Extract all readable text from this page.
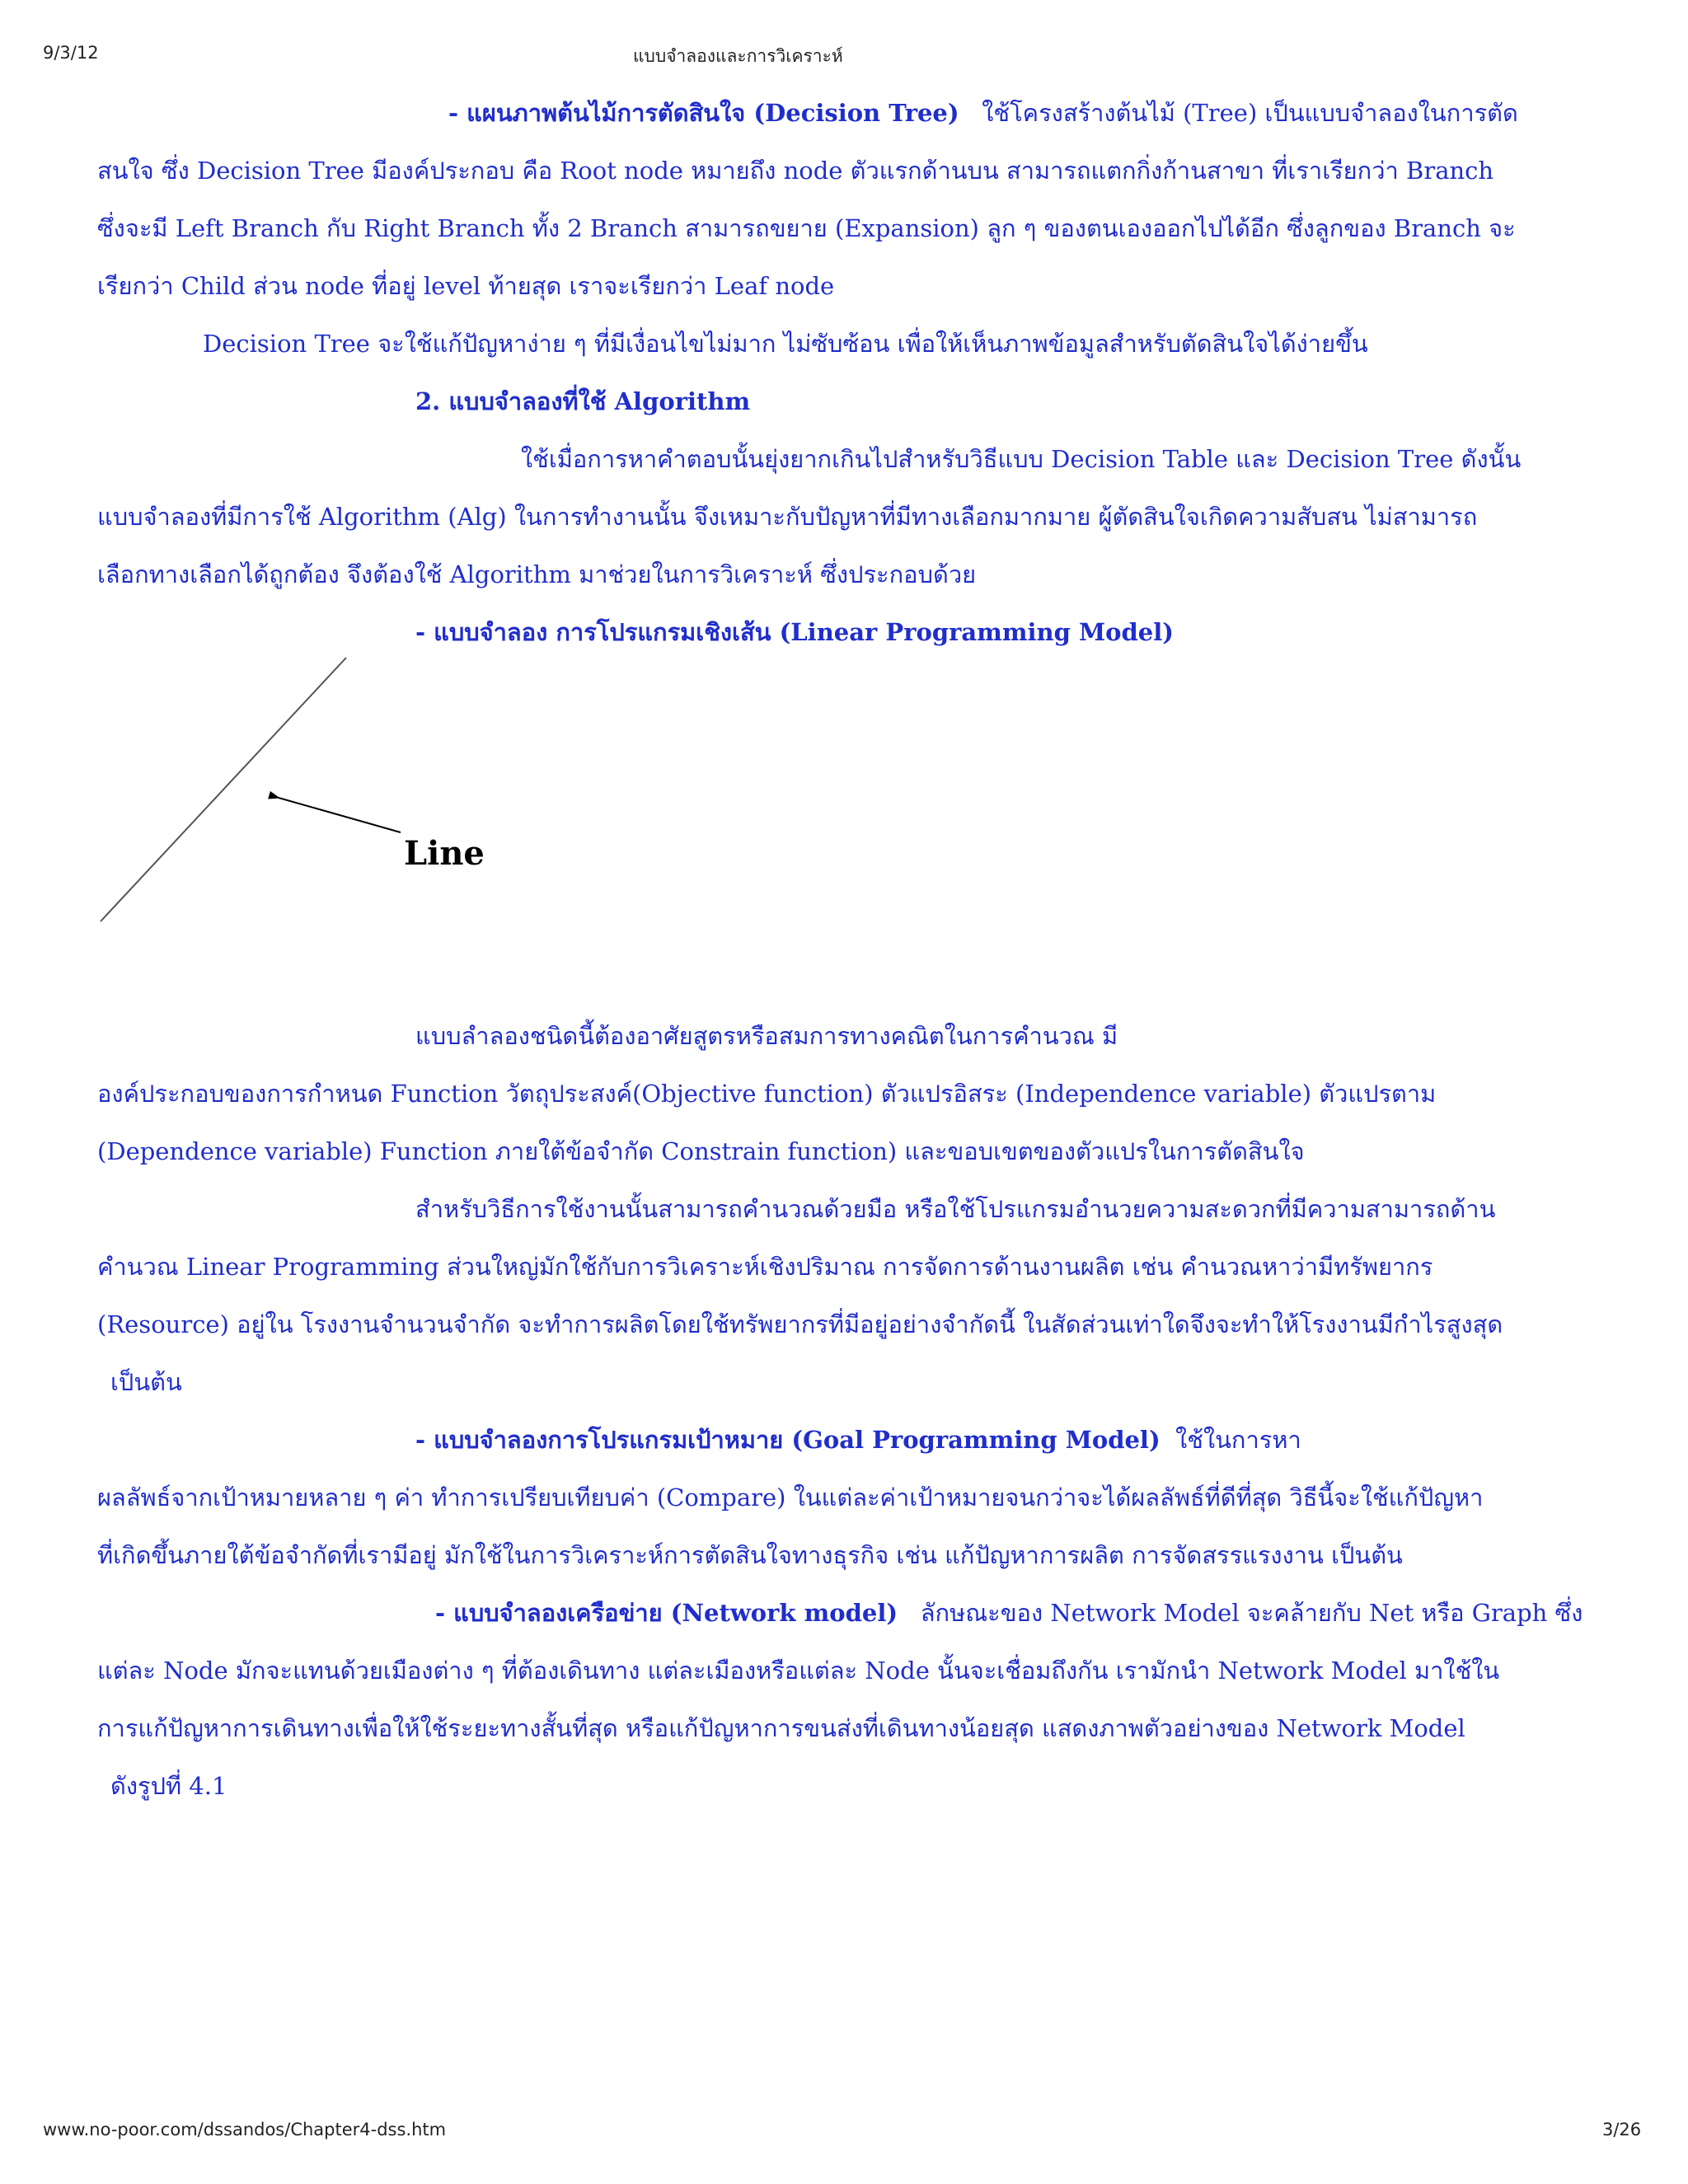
9/3/12	แบบจำลองและการวิเคราะห์
www.no-poor.com/dssandos/Chapter4-dss.htm	3/26
- แผนภาพต้นไม้การตัดสินใจ (Decision Tree) ใช้โครงสร้างต้นไม้ (Tree) เป็นแบบจำลองในการตัด
สนใจ ซึ่ง Decision Tree มีองค์ประกอบ คือ Root node หมายถึง node ตัวแรกด้านบน สามารถแตกกิ่งก้านสาขา ที่เราเรียกว่า Branch
ซึ่งจะมี Left Branch กับ Right Branch ทั้ง 2 Branch สามารถขยาย (Expansion) ลูก ๆ ของตนเองออกไปได้อีก ซึ่งลูกของ Branch จะ
เรียกว่า Child ส่วน node ที่อยู่ level ท้ายสุด เราจะเรียกว่า Leaf node
Decision Tree จะใช้แก้ปัญหาง่าย ๆ ที่มีเงื่อนไขไม่มาก ไม่ซับซ้อน เพื่อให้เห็นภาพข้อมูลสำหรับตัดสินใจได้ง่ายขึ้น
2. แบบจำลองที่ใช้ Algorithm
ใช้เมื่อการหาคำตอบนั้นยุ่งยากเกินไปสำหรับวิธีแบบ Decision Table และ Decision Tree ดังนั้น
แบบจำลองที่มีการใช้ Algorithm (Alg) ในการทำงานนั้น จึงเหมาะกับปัญหาที่มีทางเลือกมากมาย ผู้ตัดสินใจเกิดความสับสน ไม่สามารถ
เลือกทางเลือกได้ถูกต้อง จึงต้องใช้ Algorithm มาช่วยในการวิเคราะห์ ซึ่งประกอบด้วย
- แบบจำลอง การโปรแกรมเชิงเส้น (Linear Programming Model)
Line
แบบลำลองชนิดนี้ต้องอาศัยสูตรหรือสมการทางคณิตในการคำนวณ มี
องค์ประกอบของการกำหนด Function วัตถุประสงค์(Objective function) ตัวแปรอิสระ (Independence variable) ตัวแปรตาม
(Dependence variable) Function ภายใต้ข้อจำกัด Constrain function) และขอบเขตของตัวแปรในการตัดสินใจ
สำหรับวิธีการใช้งานนั้นสามารถคำนวณด้วยมือ หรือใช้โปรแกรมอำนวยความสะดวกที่มีความสามารถด้าน
คำนวณ Linear Programming ส่วนใหญ่มักใช้กับการวิเคราะห์เชิงปริมาณ การจัดการด้านงานผลิต เช่น คำนวณหาว่ามีทรัพยากร
(Resource) อยู่ใน โรงงานจำนวนจำกัด จะทำการผลิตโดยใช้ทรัพยากรที่มีอยู่อย่างจำกัดนี้ ในสัดส่วนเท่าใดจึงจะทำให้โรงงานมีกำไรสูงสุด
เป็นต้น
- แบบจำลองการโปรแกรมเป้าหมาย (Goal Programming Model) ใช้ในการหา
ผลลัพธ์จากเป้าหมายหลาย ๆ ค่า ทำการเปรียบเทียบค่า (Compare) ในแต่ละค่าเป้าหมายจนกว่าจะได้ผลลัพธ์ที่ดีที่สุด วิธีนี้จะใช้แก้ปัญหา
ที่เกิดขึ้นภายใต้ข้อจำกัดที่เรามีอยู่ มักใช้ในการวิเคราะห์การตัดสินใจทางธุรกิจ เช่น แก้ปัญหาการผลิต การจัดสรรแรงงาน เป็นต้น
- แบบจำลองเครือข่าย (Network model) ลักษณะของ Network Model จะคล้ายกับ Net หรือ Graph ซึ่ง
แต่ละ Node มักจะแทนด้วยเมืองต่าง ๆ ที่ต้องเดินทาง แต่ละเมืองหรือแต่ละ Node นั้นจะเชื่อมถึงกัน เรามักนำ Network Model มาใช้ใน
การแก้ปัญหาการเดินทางเพื่อให้ใช้ระยะทางสั้นที่สุด หรือแก้ปัญหาการขนส่งที่เดินทางน้อยสุด แสดงภาพตัวอย่างของ Network Model
ดังรูปที่ 4.1
